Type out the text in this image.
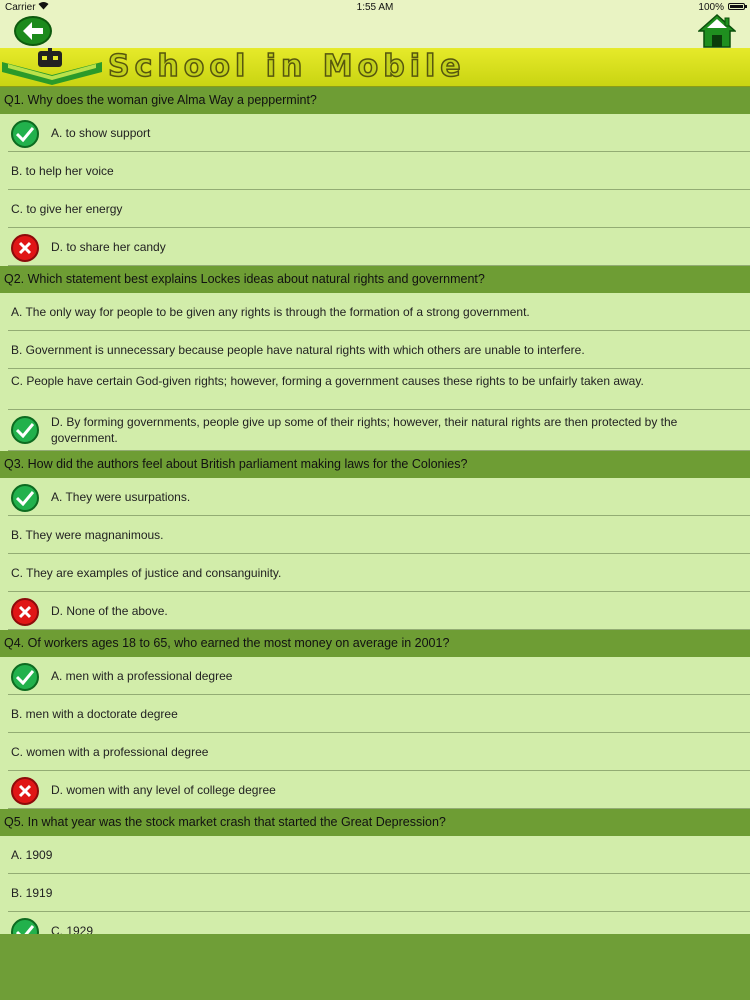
Carrier	1:55 AM	100%
School in Mobile
Q1. Why does the woman give Alma Way a peppermint?
A. to show support
B. to help her voice
C. to give her energy
D. to share her candy
Q2. Which statement best explains Lockes ideas about natural rights and government?
A. The only way for people to be given any rights is through the formation of a strong government.
B. Government is unnecessary because people have natural rights with which others are unable to interfere.
C. People have certain God-given rights; however, forming a government causes these rights to be unfairly taken away.
D. By forming governments, people give up some of their rights; however, their natural rights are then protected by the government.
Q3. How did the authors feel about British parliament making laws for the Colonies?
A. They were usurpations.
B. They were magnanimous.
C. They are examples of justice and consanguinity.
D. None of the above.
Q4. Of workers ages 18 to 65, who earned the most money on average in 2001?
A. men with a professional degree
B. men with a doctorate degree
C. women with a professional degree
D. women with any level of college degree
Q5. In what year was the stock market crash that started the Great Depression?
A. 1909
B. 1919
C. 1929
